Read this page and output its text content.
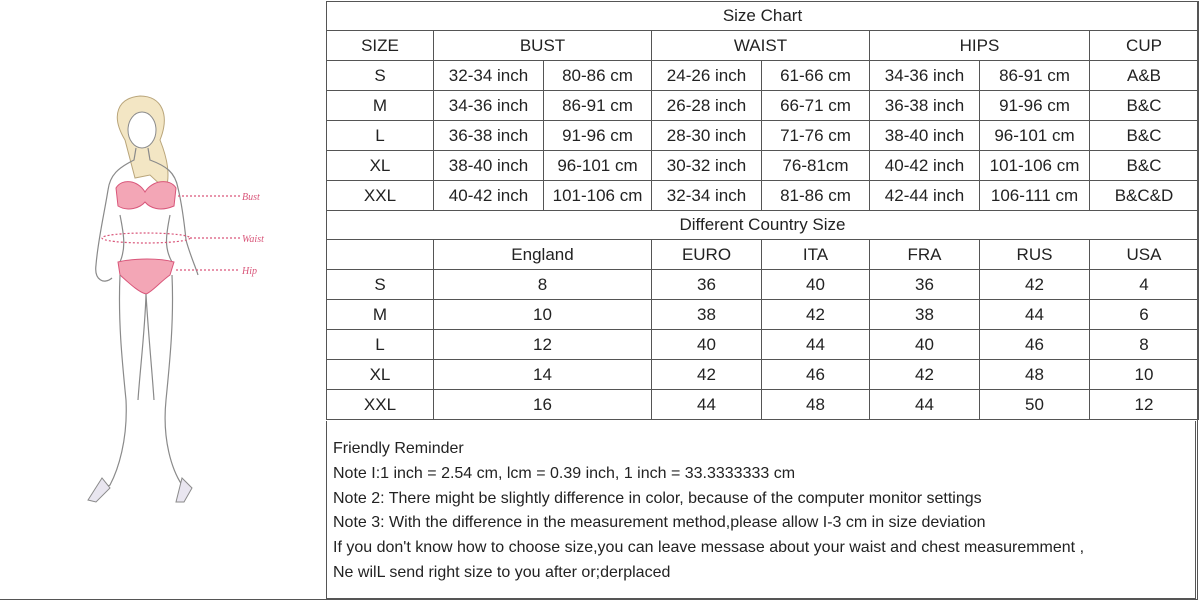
Bust
Waist
Hip
Size Chart							
SIZE	BUST		WAIST		HIPS		CUP
S	32-34 inch	80-86 cm	24-26 inch	61-66 cm	34-36 inch	86-91 cm	A&B
M	34-36 inch	86-91 cm	26-28 inch	66-71 cm	36-38 inch	91-96 cm	B&C
L	36-38 inch	91-96 cm	28-30 inch	71-76 cm	38-40 inch	96-101 cm	B&C
XL	38-40 inch	96-101 cm	30-32 inch	76-81cm	40-42 inch	101-106 cm	B&C
XXL	40-42 inch	101-106 cm	32-34 inch	81-86 cm	42-44 inch	106-111 cm	B&C&D
Different Country Size							
	England		EURO	ITA	FRA	RUS	USA
S	8		36	40	36	42	4
M	10		38	42	38	44	6
L	12		40	44	40	46	8
XL	14		42	46	42	48	10
XXL	16		44	48	44	50	12
Friendly Reminder
Note I:1 inch = 2.54 cm, lcm = 0.39 inch, 1 inch = 33.3333333 cm
Note 2: There might be slightly difference in color, because of the computer monitor settings
Note 3: With the difference in the measurement method,please allow I-3 cm in size deviation
If you don't know how to choose size,you can leave messase about your waist and chest measuremment ,
Ne wilL send right size to you after or;derplaced
